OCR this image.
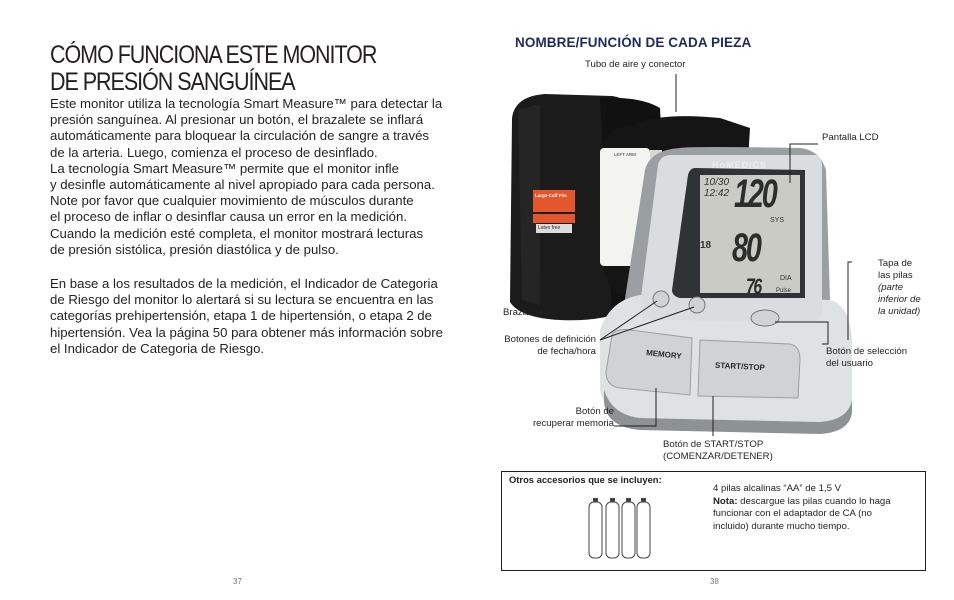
CÓMO FUNCIONA ESTE MONITOR
DE PRESIÓN SANGUÍNEA
Este monitor utiliza la tecnología Smart Measure™ para detectar la
presión sanguínea. Al presionar un botón, el brazalete se inflará
automáticamente para bloquear la circulación de sangre a través
de la arteria. Luego, comienza el proceso de desinflado.
La tecnología Smart Measure™ permite que el monitor infle
y desinfle automáticamente al nivel apropiado para cada persona.
Note por favor que cualquier movimiento de músculos durante
el proceso de inflar o desinflar causa un error en la medición.
Cuando la medición esté completa, el monitor mostrará lecturas
de presión sistólica, presión diastólica y de pulso.
En base a los resultados de la medición, el Indicador de Categoria
de Riesgo del monitor lo alertará si su lectura se encuentra en las
categorías prehipertensión, etapa 1 de hipertensión, o etapa 2 de
hipertensión. Vea la página 50 para obtener más información sobre
el Indicador de Categoria de Riesgo.
37
NOMBRE/FUNCIÓN DE CADA PIEZA
HoMEDICS
10/30
12:42 120
SYS
80
DIA
76	Pulse
18
MEMORY
START/STOP
Large Cuff Fits
Latex free
LEFT ARM
Tubo de aire y conector
Pantalla LCD
Tapa de
las pilas
(parte
inferior de
la unidad)
Brazaletes
Botones de definición
de fecha/hora	Botón de selección
del usuario
Botón de
recuperar memoria
Botón de START/STOP
(COMENZAR/DETENER)
Otros accesorios que se incluyen:
4 pilas alcalinas “AA” de 1,5 V
Nota: descargue las pilas cuando lo haga
funcionar con el adaptador de CA (no
incluido) durante mucho tiempo.
38
